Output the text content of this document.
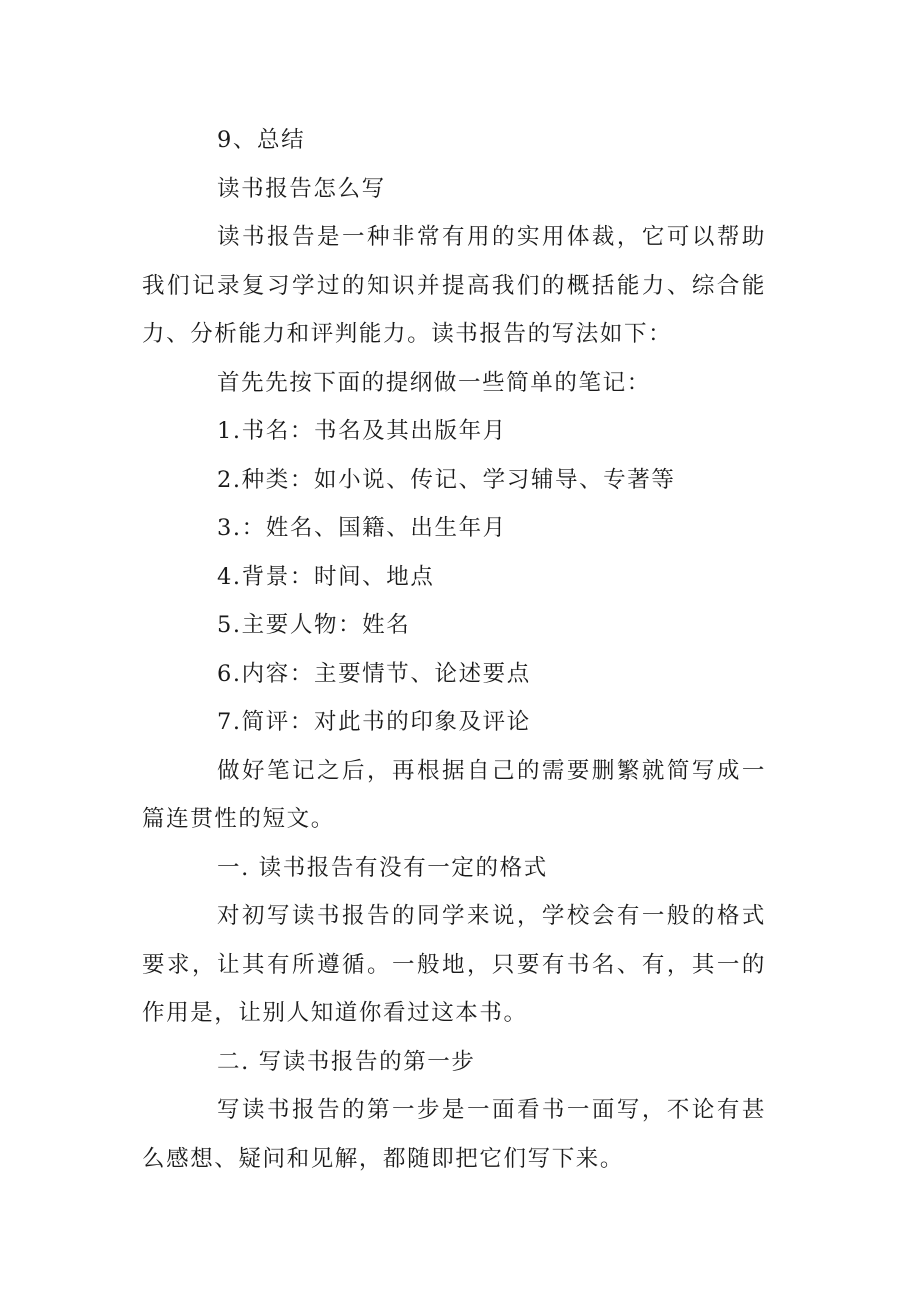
9、总结

读书报告怎么写

读书报告是一种非常有用的实用体裁，它可以帮助我们记录复习学过的知识并提高我们的概括能力、综合能力、分析能力和评判能力。读书报告的写法如下：

首先先按下面的提纲做一些简单的笔记：

1.书名：书名及其出版年月

2.种类：如小说、传记、学习辅导、专著等

3.：姓名、国籍、出生年月

4.背景：时间、地点

5.主要人物：姓名

6.内容：主要情节、论述要点

7.简评：对此书的印象及评论

做好笔记之后，再根据自己的需要删繁就简写成一篇连贯性的短文。

一. 读书报告有没有一定的格式

对初写读书报告的同学来说，学校会有一般的格式要求，让其有所遵循。一般地，只要有书名、有，其一的作用是，让别人知道你看过这本书。

二. 写读书报告的第一步

写读书报告的第一步是一面看书一面写，不论有甚么感想、疑问和见解，都随即把它们写下来。
